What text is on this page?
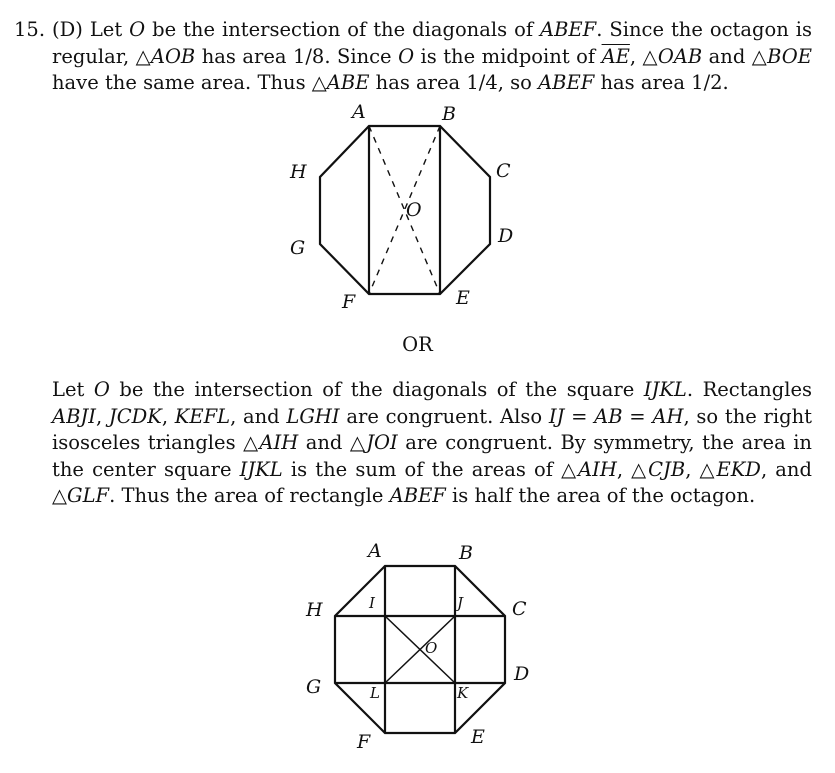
15. (D) Let O be the intersection of the diagonals of ABEF. Since the octagon is regular, △AOB has area 1/8. Since O is the midpoint of $\overline{AE}$, △OAB and △BOE have the same area. Thus △ABE has area 1/4, so ABEF has area 1/2.
OR
Let O be the intersection of the diagonals of the square IJKL. Rectangles ABJI, JCDK, KEFL, and LGHI are congruent. Also IJ = AB = AH, so the right isosceles triangles △AIH and △JOI are congruent. By symmetry, the area in the center square IJKL is the sum of the areas of △AIH, △CJB, △EKD, and △GLF. Thus the area of rectangle ABEF is half the area of the octagon.
A	B
C
D
E
F
G
H
O
A	B
C
D
E
F
G
H	I	J
K
L
O
